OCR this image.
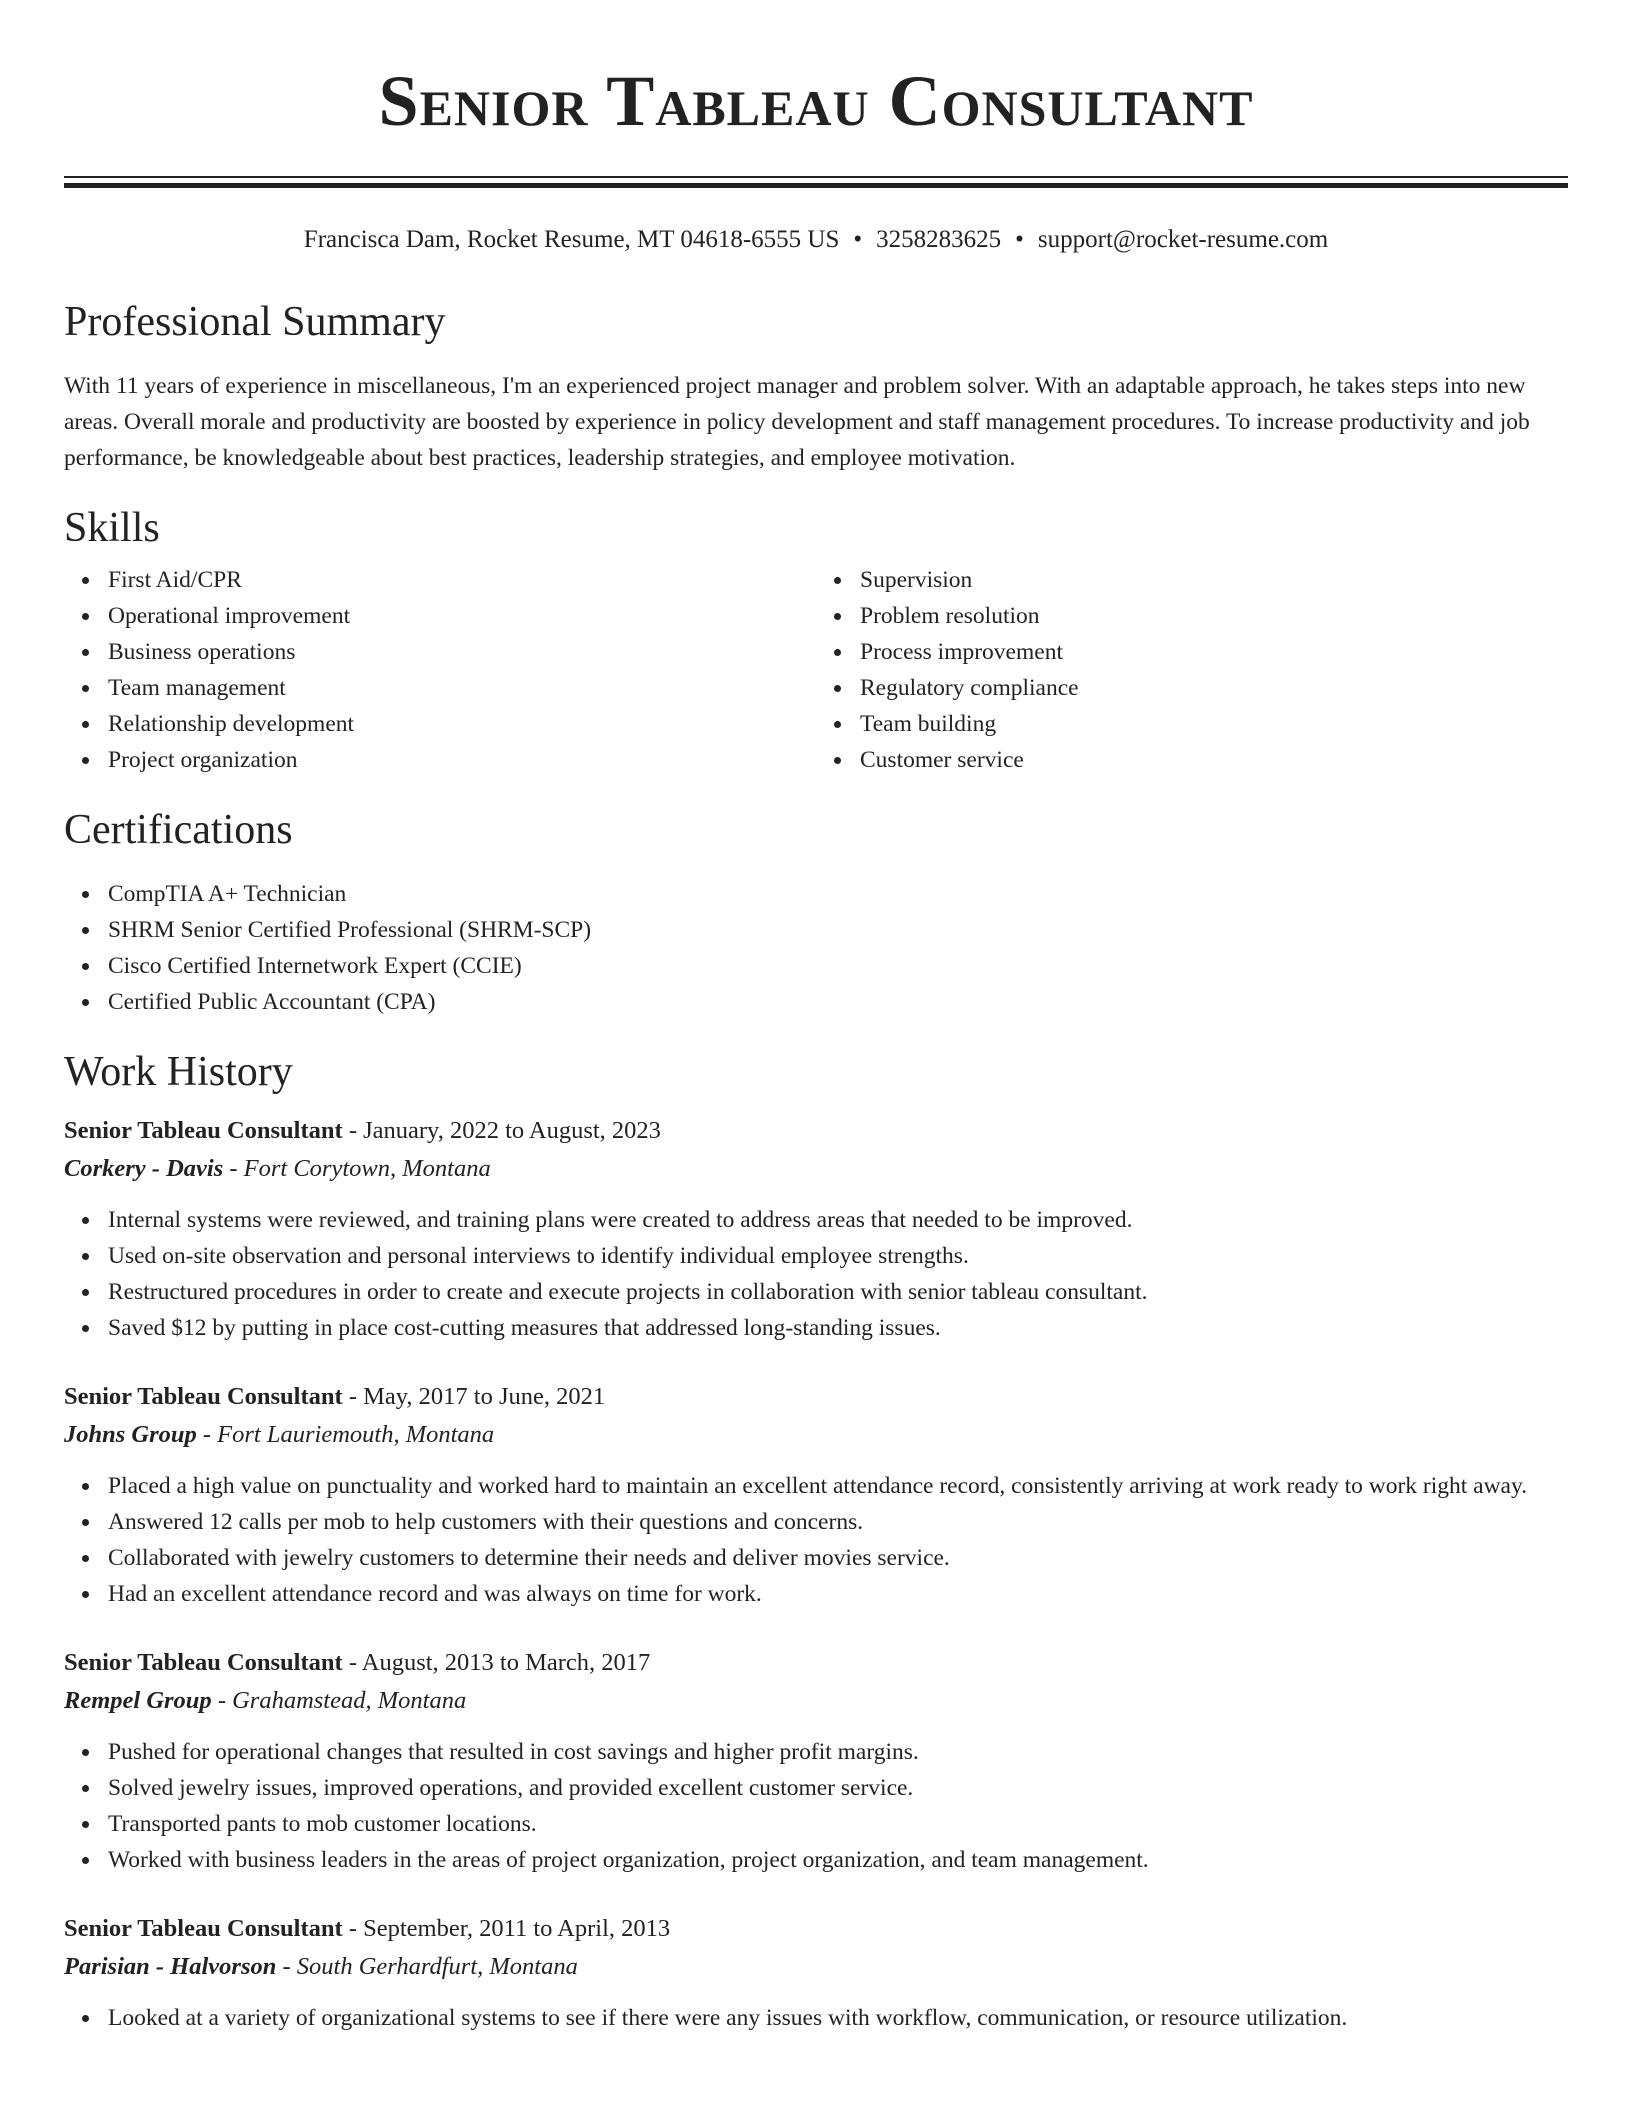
Senior Tableau Consultant
Francisca Dam, Rocket Resume, MT 04618-6555 US • 3258283625 • support@rocket-resume.com
Professional Summary

With 11 years of experience in miscellaneous, I'm an experienced project manager and problem solver. With an adaptable approach, he takes steps into new areas. Overall morale and productivity are boosted by experience in policy development and staff management procedures. To increase productivity and job performance, be knowledgeable about best practices, leadership strategies, and employee motivation.

Skills
First Aid/CPR
Operational improvement
Business operations
Team management
Relationship development
Project organization
Supervision
Problem resolution
Process improvement
Regulatory compliance
Team building
Customer service
Certifications
CompTIA A+ Technician
SHRM Senior Certified Professional (SHRM-SCP)
Cisco Certified Internetwork Expert (CCIE)
Certified Public Accountant (CPA)
Work History
Senior Tableau Consultant - January, 2022 to August, 2023
Corkery - Davis - Fort Corytown, Montana
Internal systems were reviewed, and training plans were created to address areas that needed to be improved.
Used on-site observation and personal interviews to identify individual employee strengths.
Restructured procedures in order to create and execute projects in collaboration with senior tableau consultant.
Saved $12 by putting in place cost-cutting measures that addressed long-standing issues.
Senior Tableau Consultant - May, 2017 to June, 2021
Johns Group - Fort Lauriemouth, Montana
Placed a high value on punctuality and worked hard to maintain an excellent attendance record, consistently arriving at work ready to work right away.
Answered 12 calls per mob to help customers with their questions and concerns.
Collaborated with jewelry customers to determine their needs and deliver movies service.
Had an excellent attendance record and was always on time for work.
Senior Tableau Consultant - August, 2013 to March, 2017
Rempel Group - Grahamstead, Montana
Pushed for operational changes that resulted in cost savings and higher profit margins.
Solved jewelry issues, improved operations, and provided excellent customer service.
Transported pants to mob customer locations.
Worked with business leaders in the areas of project organization, project organization, and team management.
Senior Tableau Consultant - September, 2011 to April, 2013
Parisian - Halvorson - South Gerhardfurt, Montana
Looked at a variety of organizational systems to see if there were any issues with workflow, communication, or resource utilization.
